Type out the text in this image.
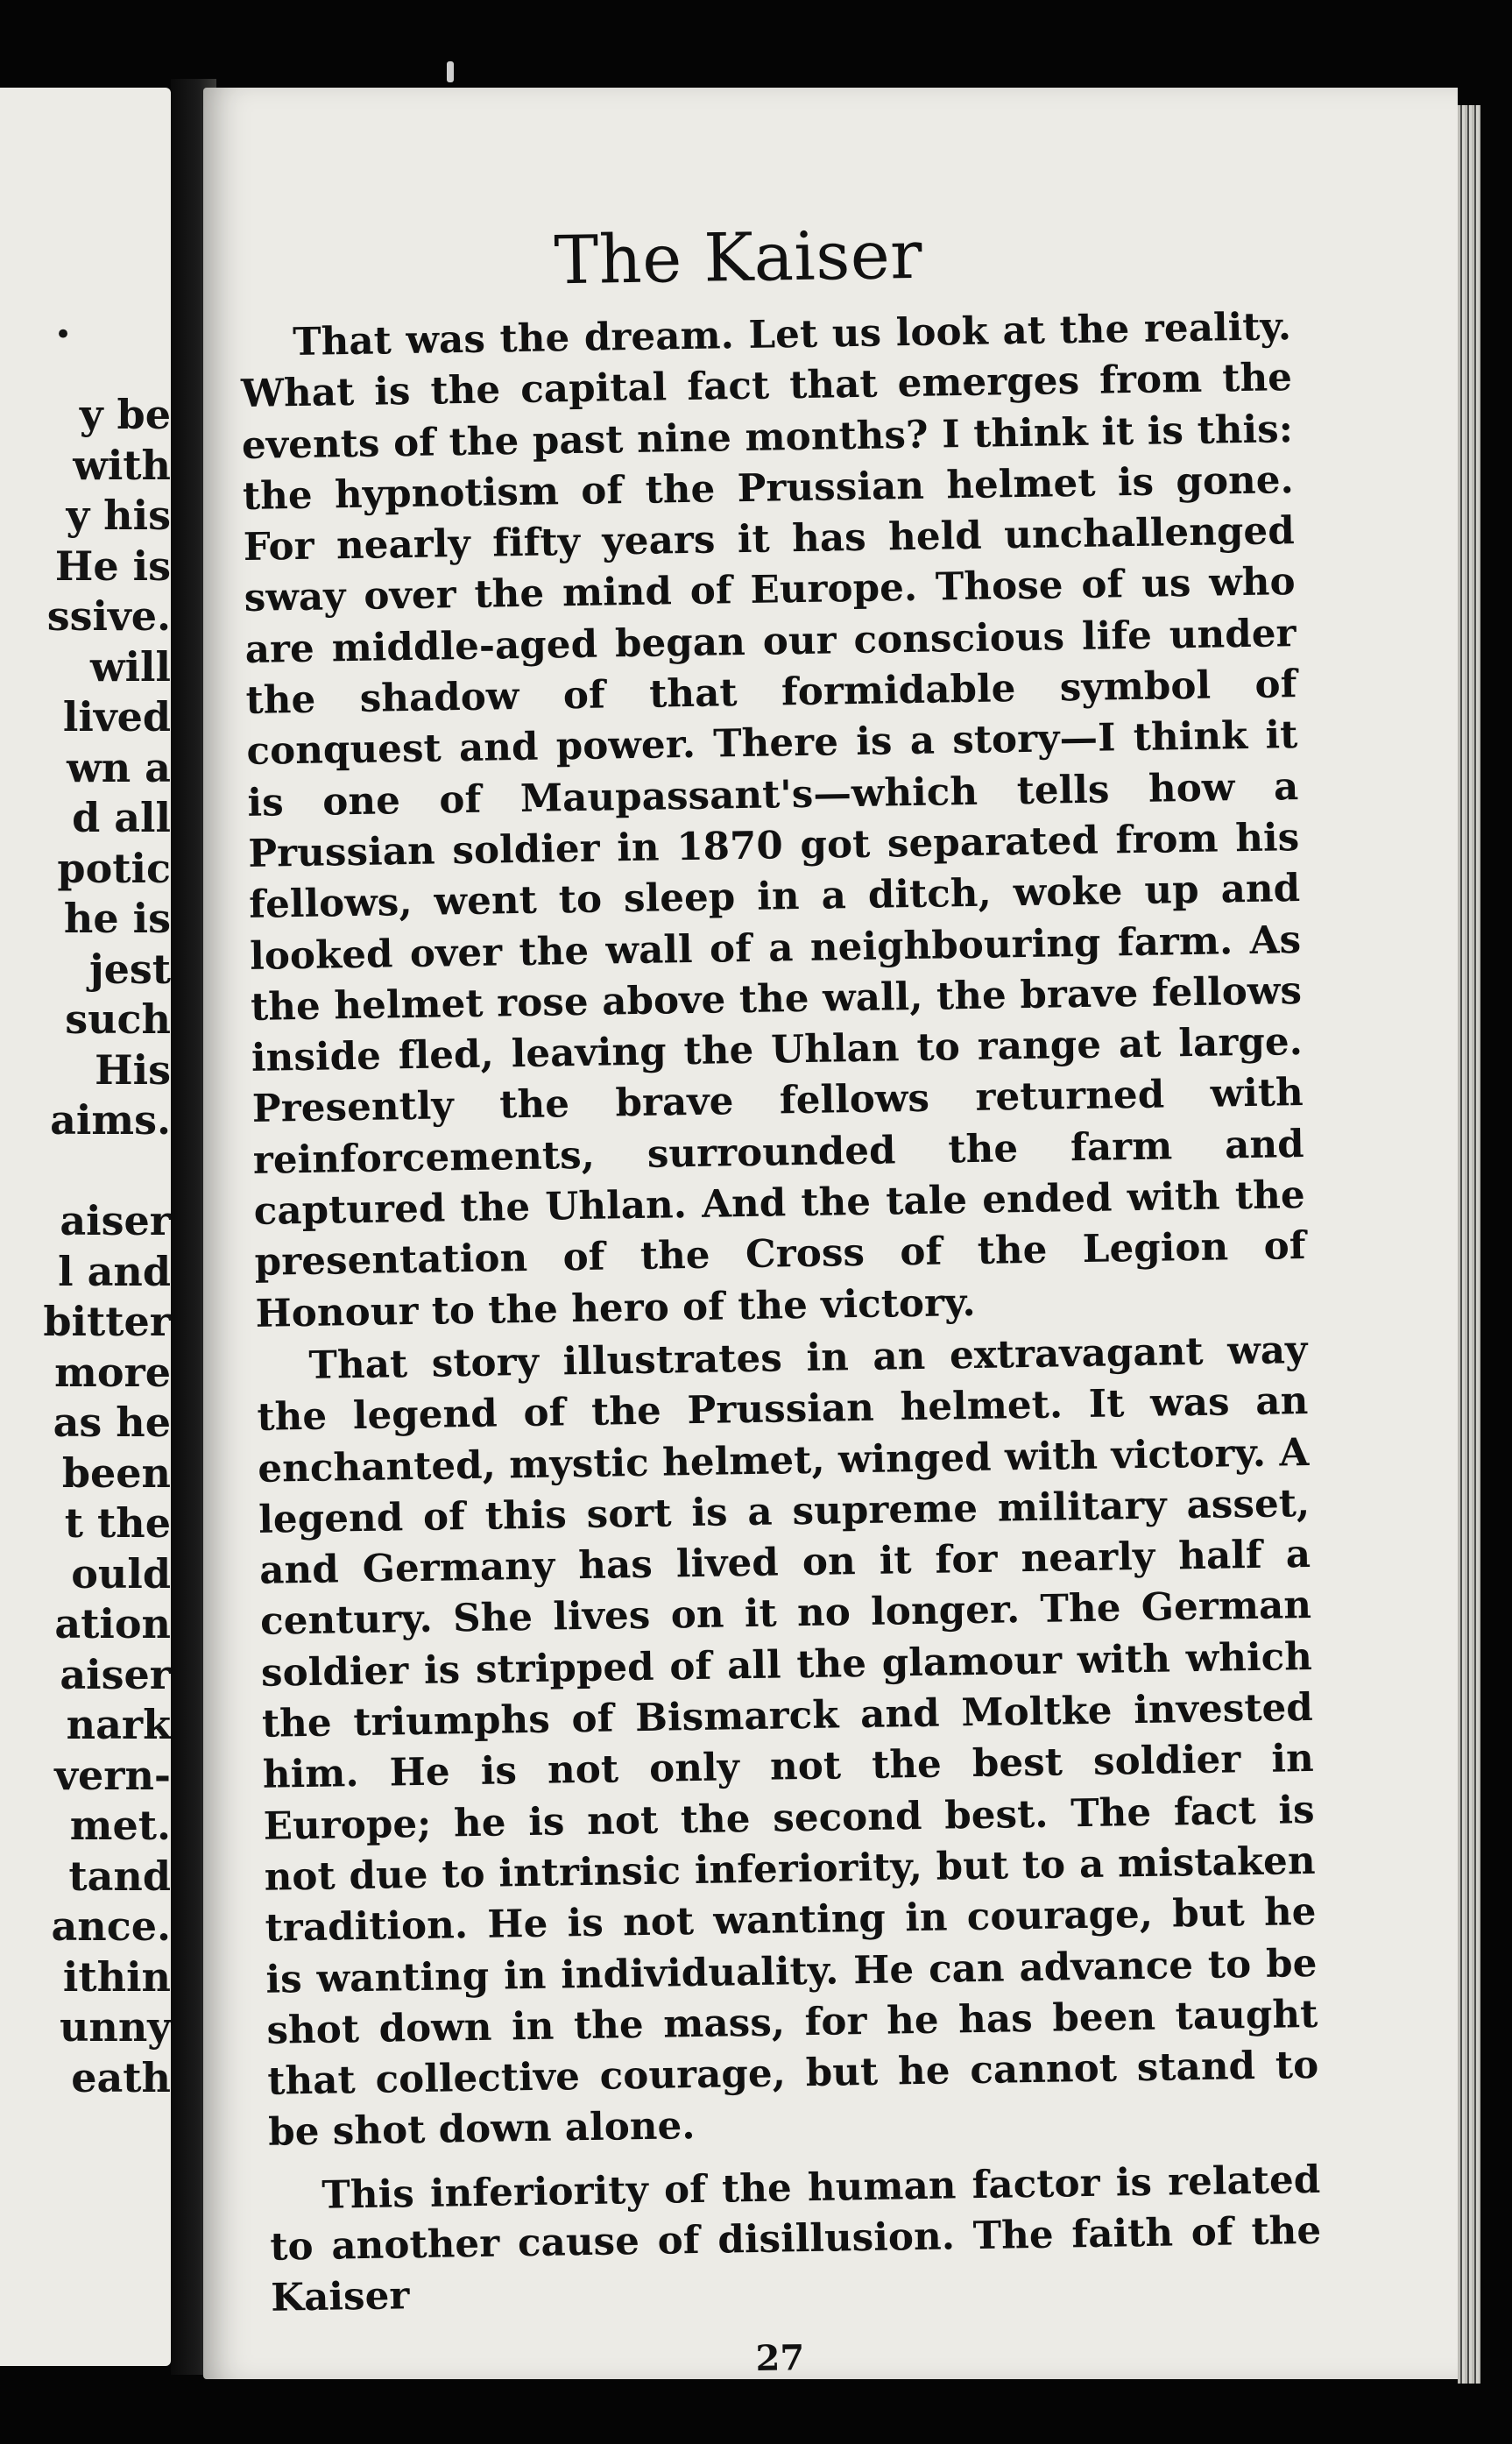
•
y be
with
y his
He is
ssive.
will
lived
wn a
d all
potic
he is
jest
such
His
aims.

aiser
l and
bitter
more
as he
been
t the
ould
ation
aiser
nark
vern-
met.
tand
ance.
ithin
unny
eath
The Kaiser

That was the dream. Let us look at the reality. What is the capital fact that emerges from the events of the past nine months? I think it is this: the hypnotism of the Prussian helmet is gone. For nearly fifty years it has held unchallenged sway over the mind of Europe. Those of us who are middle-aged began our conscious life under the shadow of that formidable symbol of conquest and power. There is a story—I think it is one of Maupassant's—which tells how a Prussian soldier in 1870 got separated from his fellows, went to sleep in a ditch, woke up and looked over the wall of a neighbouring farm. As the helmet rose above the wall, the brave fellows inside fled, leaving the Uhlan to range at large. Presently the brave fellows returned with reinforcements, surrounded the farm and captured the Uhlan. And the tale ended with the presentation of the Cross of the Legion of Honour to the hero of the victory.

That story illustrates in an extravagant way the legend of the Prussian helmet. It was an enchanted, mystic helmet, winged with victory. A legend of this sort is a supreme military asset, and Germany has lived on it for nearly half a century. She lives on it no longer. The German soldier is stripped of all the glamour with which the triumphs of Bismarck and Moltke invested him. He is not only not the best soldier in Europe; he is not the second best. The fact is not due to intrinsic inferiority, but to a mistaken tradition. He is not wanting in courage, but he is wanting in individuality. He can advance to be shot down in the mass, for he has been taught that collective courage, but he cannot stand to be shot down alone.

This inferiority of the human factor is related to another cause of disillusion. The faith of the Kaiser

27
